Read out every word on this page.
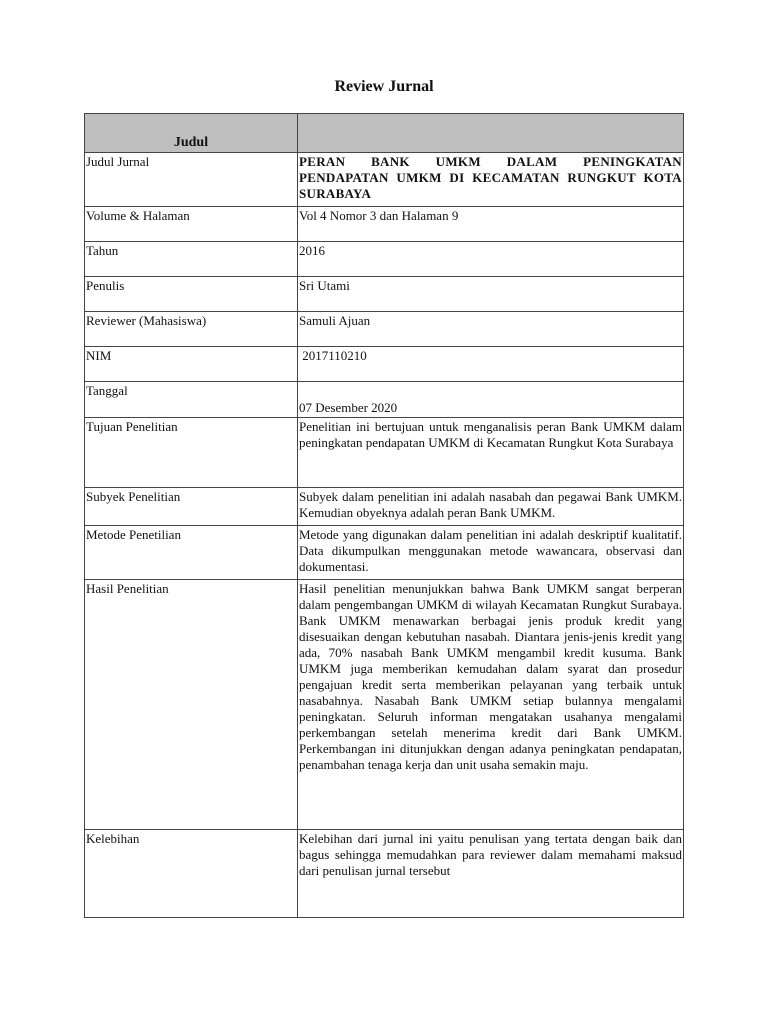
Review Jurnal
Judul	
Judul Jurnal	PERAN BANK UMKM DALAM PENINGKATAN PENDAPATAN UMKM DI KECAMATAN RUNGKUT KOTA SURABAYA
Volume & Halaman	Vol 4 Nomor 3 dan Halaman 9
Tahun	2016
Penulis	Sri Utami
Reviewer (Mahasiswa)	Samuli Ajuan
NIM	2017110210
Tanggal	07 Desember 2020
Tujuan Penelitian	Penelitian ini bertujuan untuk menganalisis peran Bank UMKM dalam peningkatan pendapatan UMKM di Kecamatan Rungkut Kota Surabaya
Subyek Penelitian	Subyek dalam penelitian ini adalah nasabah dan pegawai Bank UMKM. Kemudian obyeknya adalah peran Bank UMKM.
Metode Penetilian	Metode yang digunakan dalam penelitian ini adalah deskriptif kualitatif. Data dikumpulkan menggunakan metode wawancara, observasi dan dokumentasi.
Hasil Penelitian	Hasil penelitian menunjukkan bahwa Bank UMKM sangat berperan dalam pengembangan UMKM di wilayah Kecamatan Rungkut Surabaya. Bank UMKM menawarkan berbagai jenis produk kredit yang disesuaikan dengan kebutuhan nasabah. Diantara jenis-jenis kredit yang ada, 70% nasabah Bank UMKM mengambil kredit kusuma. Bank UMKM juga memberikan kemudahan dalam syarat dan prosedur pengajuan kredit serta memberikan pelayanan yang terbaik untuk nasabahnya. Nasabah Bank UMKM setiap bulannya mengalami peningkatan. Seluruh informan mengatakan usahanya mengalami perkembangan setelah menerima kredit dari Bank UMKM. Perkembangan ini ditunjukkan dengan adanya peningkatan pendapatan, penambahan tenaga kerja dan unit usaha semakin maju.
Kelebihan	Kelebihan dari jurnal ini yaitu penulisan yang tertata dengan baik dan bagus sehingga memudahkan para reviewer dalam memahami maksud dari penulisan jurnal tersebut
